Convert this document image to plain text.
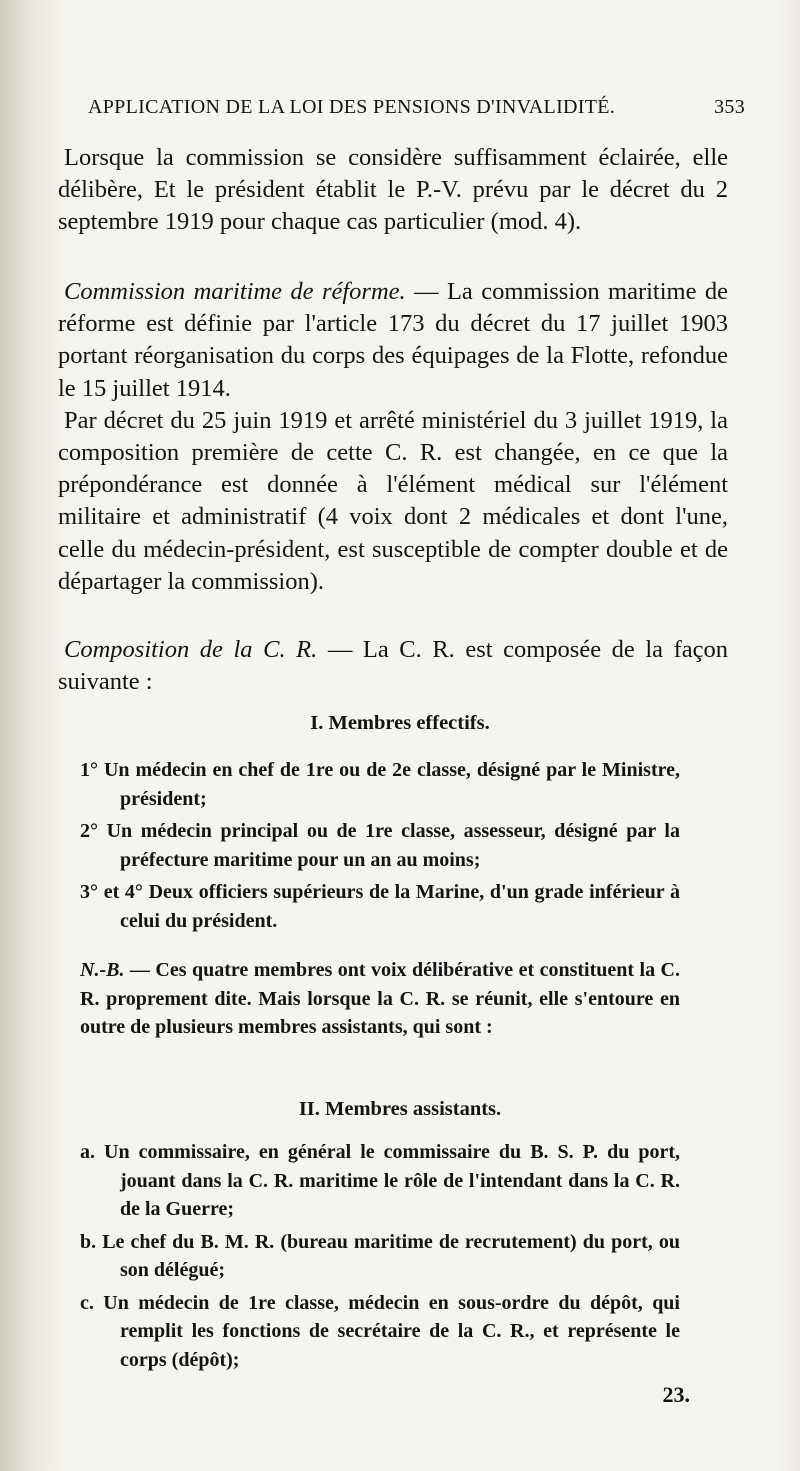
APPLICATION DE LA LOI DES PENSIONS D'INVALIDITÉ.	353

Lorsque la commission se considère suffisamment éclairée, elle délibère, Et le président établit le P.-V. prévu par le décret du 2 septembre 1919 pour chaque cas particulier (mod. 4).

Commission maritime de réforme. — La commission maritime de réforme est définie par l'article 173 du décret du 17 juillet 1903 portant réorganisation du corps des équipages de la Flotte, refondue le 15 juillet 1914.

Par décret du 25 juin 1919 et arrêté ministériel du 3 juillet 1919, la composition première de cette C. R. est changée, en ce que la prépondérance est donnée à l'élément médical sur l'élément militaire et administratif (4 voix dont 2 médicales et dont l'une, celle du médecin-président, est susceptible de compter double et de départager la commission).

Composition de la C. R. — La C. R. est composée de la façon suivante :

I. Membres effectifs.

1° Un médecin en chef de 1re ou de 2e classe, désigné par le Ministre, président;

2° Un médecin principal ou de 1re classe, assesseur, désigné par la préfecture maritime pour un an au moins;

3° et 4° Deux officiers supérieurs de la Marine, d'un grade inférieur à celui du président.

N.-B. — Ces quatre membres ont voix délibérative et constituent la C. R. proprement dite. Mais lorsque la C. R. se réunit, elle s'entoure en outre de plusieurs membres assistants, qui sont :

II. Membres assistants.

a. Un commissaire, en général le commissaire du B. S. P. du port, jouant dans la C. R. maritime le rôle de l'intendant dans la C. R. de la Guerre;

b. Le chef du B. M. R. (bureau maritime de recrutement) du port, ou son délégué;

c. Un médecin de 1re classe, médecin en sous-ordre du dépôt, qui remplit les fonctions de secrétaire de la C. R., et représente le corps (dépôt);

23.
